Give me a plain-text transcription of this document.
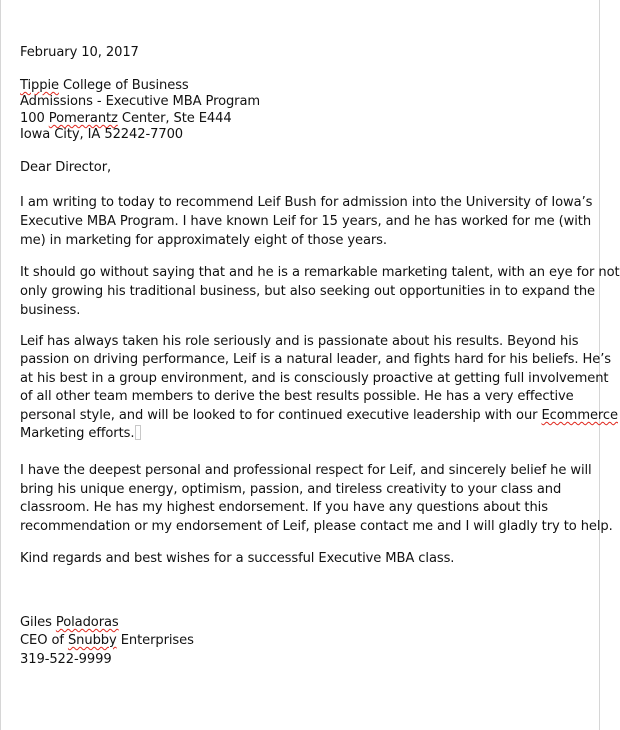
February 10, 2017
Tippie College of Business
Admissions - Executive MBA Program
100 Pomerantz Center, Ste E444
Iowa City, IA 52242-7700
Dear Director,
I am writing to today to recommend Leif Bush for admission into the University of Iowa’s
Executive MBA Program. I have known Leif for 15 years, and he has worked for me (with
me) in marketing for approximately eight of those years.
It should go without saying that and he is a remarkable marketing talent, with an eye for not
only growing his traditional business, but also seeking out opportunities in to expand the
business.
Leif has always taken his role seriously and is passionate about his results. Beyond his
passion on driving performance, Leif is a natural leader, and fights hard for his beliefs. He’s
at his best in a group environment, and is consciously proactive at getting full involvement
of all other team members to derive the best results possible. He has a very effective
personal style, and will be looked to for continued executive leadership with our Ecommerce
Marketing efforts.
I have the deepest personal and professional respect for Leif, and sincerely belief he will
bring his unique energy, optimism, passion, and tireless creativity to your class and
classroom. He has my highest endorsement. If you have any questions about this
recommendation or my endorsement of Leif, please contact me and I will gladly try to help.
Kind regards and best wishes for a successful Executive MBA class.
Giles Poladoras
CEO of Snubby Enterprises
319-522-9999
